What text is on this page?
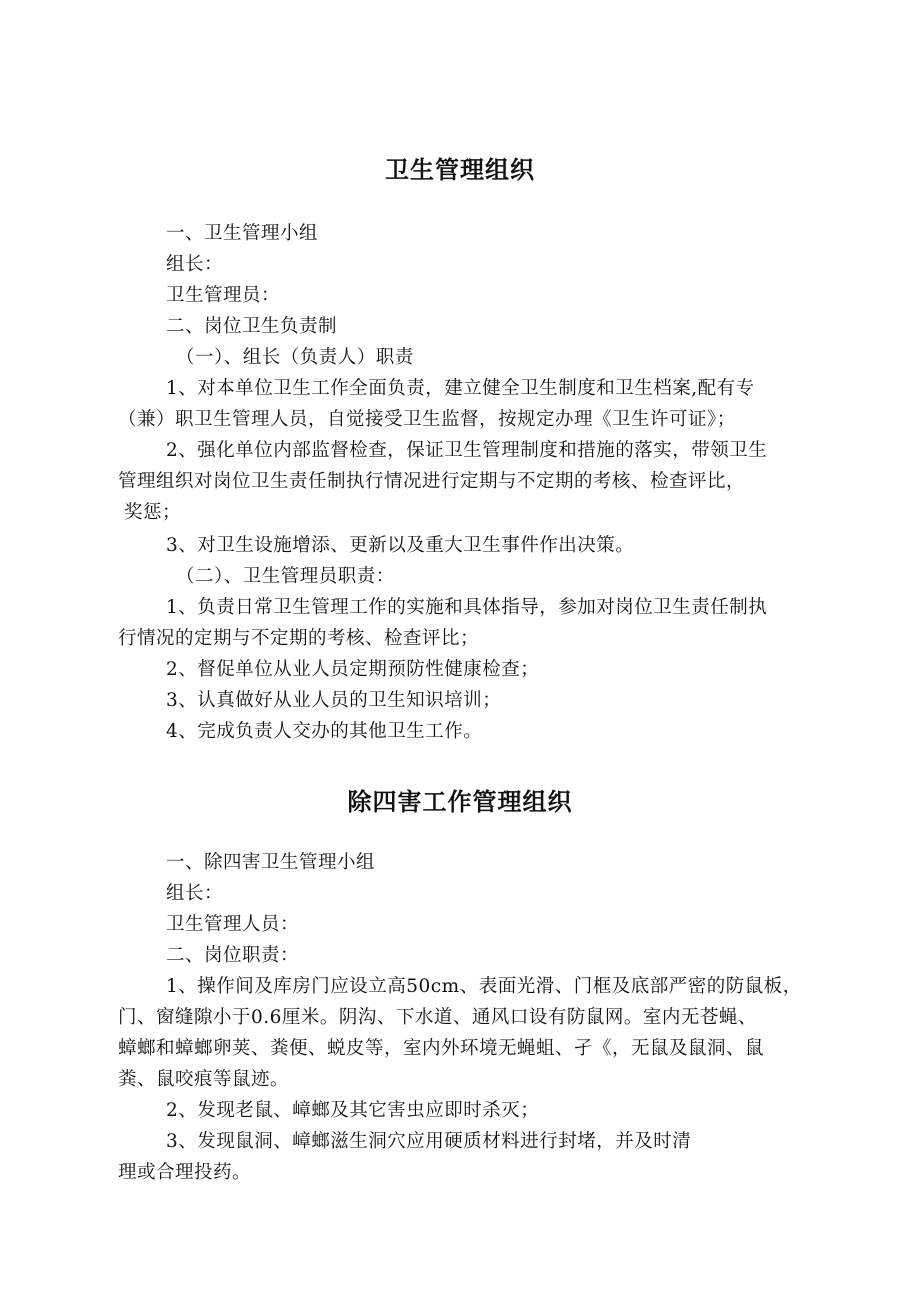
卫生管理组织
一、卫生管理小组
组长：
卫生管理员：
二、岗位卫生负责制
（一）、组长（负责人）职责
1、对本单位卫生工作全面负责，建立健全卫生制度和卫生档案,配有专
（兼）职卫生管理人员，自觉接受卫生监督，按规定办理《卫生许可证》；
2、强化单位内部监督检查，保证卫生管理制度和措施的落实，带领卫生
管理组织对岗位卫生责任制执行情况进行定期与不定期的考核、检查评比，
奖惩；
3、对卫生设施增添、更新以及重大卫生事件作出决策。
（二）、卫生管理员职责：
1、负责日常卫生管理工作的实施和具体指导，参加对岗位卫生责任制执
行情况的定期与不定期的考核、检查评比；
2、督促单位从业人员定期预防性健康检查；
3、认真做好从业人员的卫生知识培训；
4、完成负责人交办的其他卫生工作。
除四害工作管理组织
一、除四害卫生管理小组
组长：
卫生管理人员：
二、岗位职责：
1、操作间及库房门应设立高50cm、表面光滑、门框及底部严密的防鼠板，
门、窗缝隙小于0.6厘米。阴沟、下水道、通风口设有防鼠网。室内无苍蝇、
蟑螂和蟑螂卵荚、粪便、蜕皮等，室内外环境无蝇蛆、孑《，无鼠及鼠洞、鼠
粪、鼠咬痕等鼠迹。
2、发现老鼠、嶂螂及其它害虫应即时杀灭；
3、发现鼠洞、嶂螂滋生洞穴应用硬质材料进行封堵，并及时清
理或合理投药。
